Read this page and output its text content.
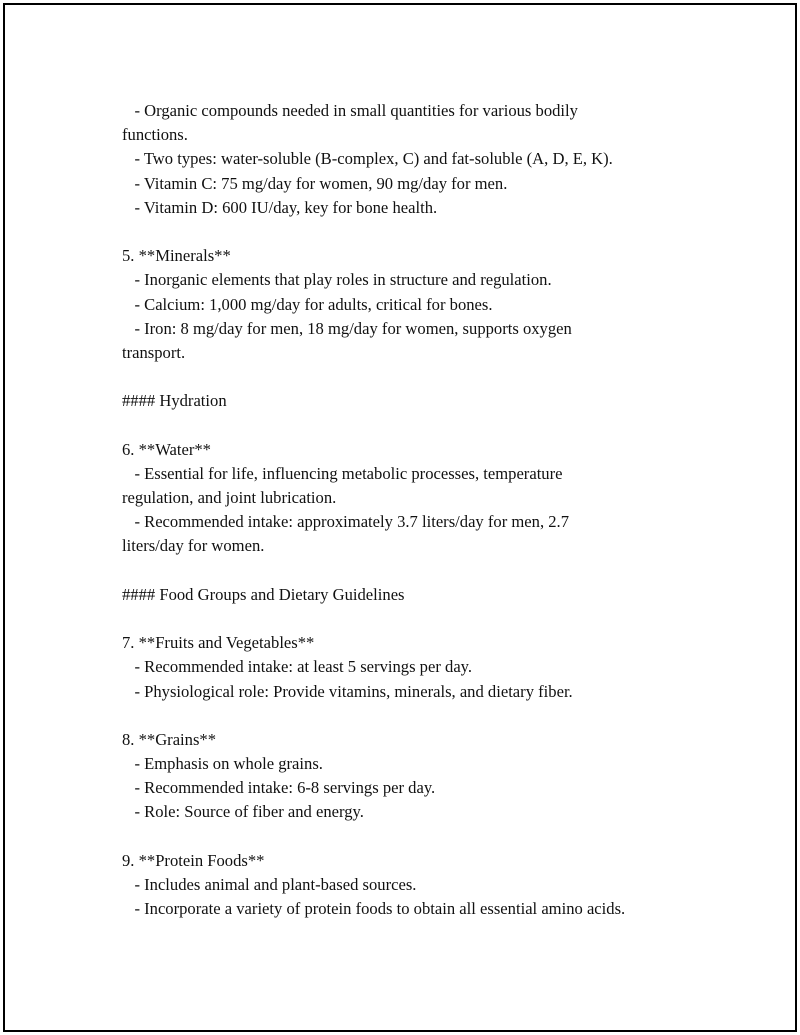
- Organic compounds needed in small quantities for various bodily
functions.
- Two types: water-soluble (B-complex, C) and fat-soluble (A, D, E, K).
- Vitamin C: 75 mg/day for women, 90 mg/day for men.
- Vitamin D: 600 IU/day, key for bone health.
5. **Minerals**
- Inorganic elements that play roles in structure and regulation.
- Calcium: 1,000 mg/day for adults, critical for bones.
- Iron: 8 mg/day for men, 18 mg/day for women, supports oxygen
transport.
#### Hydration
6. **Water**
- Essential for life, influencing metabolic processes, temperature
regulation, and joint lubrication.
- Recommended intake: approximately 3.7 liters/day for men, 2.7
liters/day for women.
#### Food Groups and Dietary Guidelines
7. **Fruits and Vegetables**
- Recommended intake: at least 5 servings per day.
- Physiological role: Provide vitamins, minerals, and dietary fiber.
8. **Grains**
- Emphasis on whole grains.
- Recommended intake: 6-8 servings per day.
- Role: Source of fiber and energy.
9. **Protein Foods**
- Includes animal and plant-based sources.
- Incorporate a variety of protein foods to obtain all essential amino acids.
